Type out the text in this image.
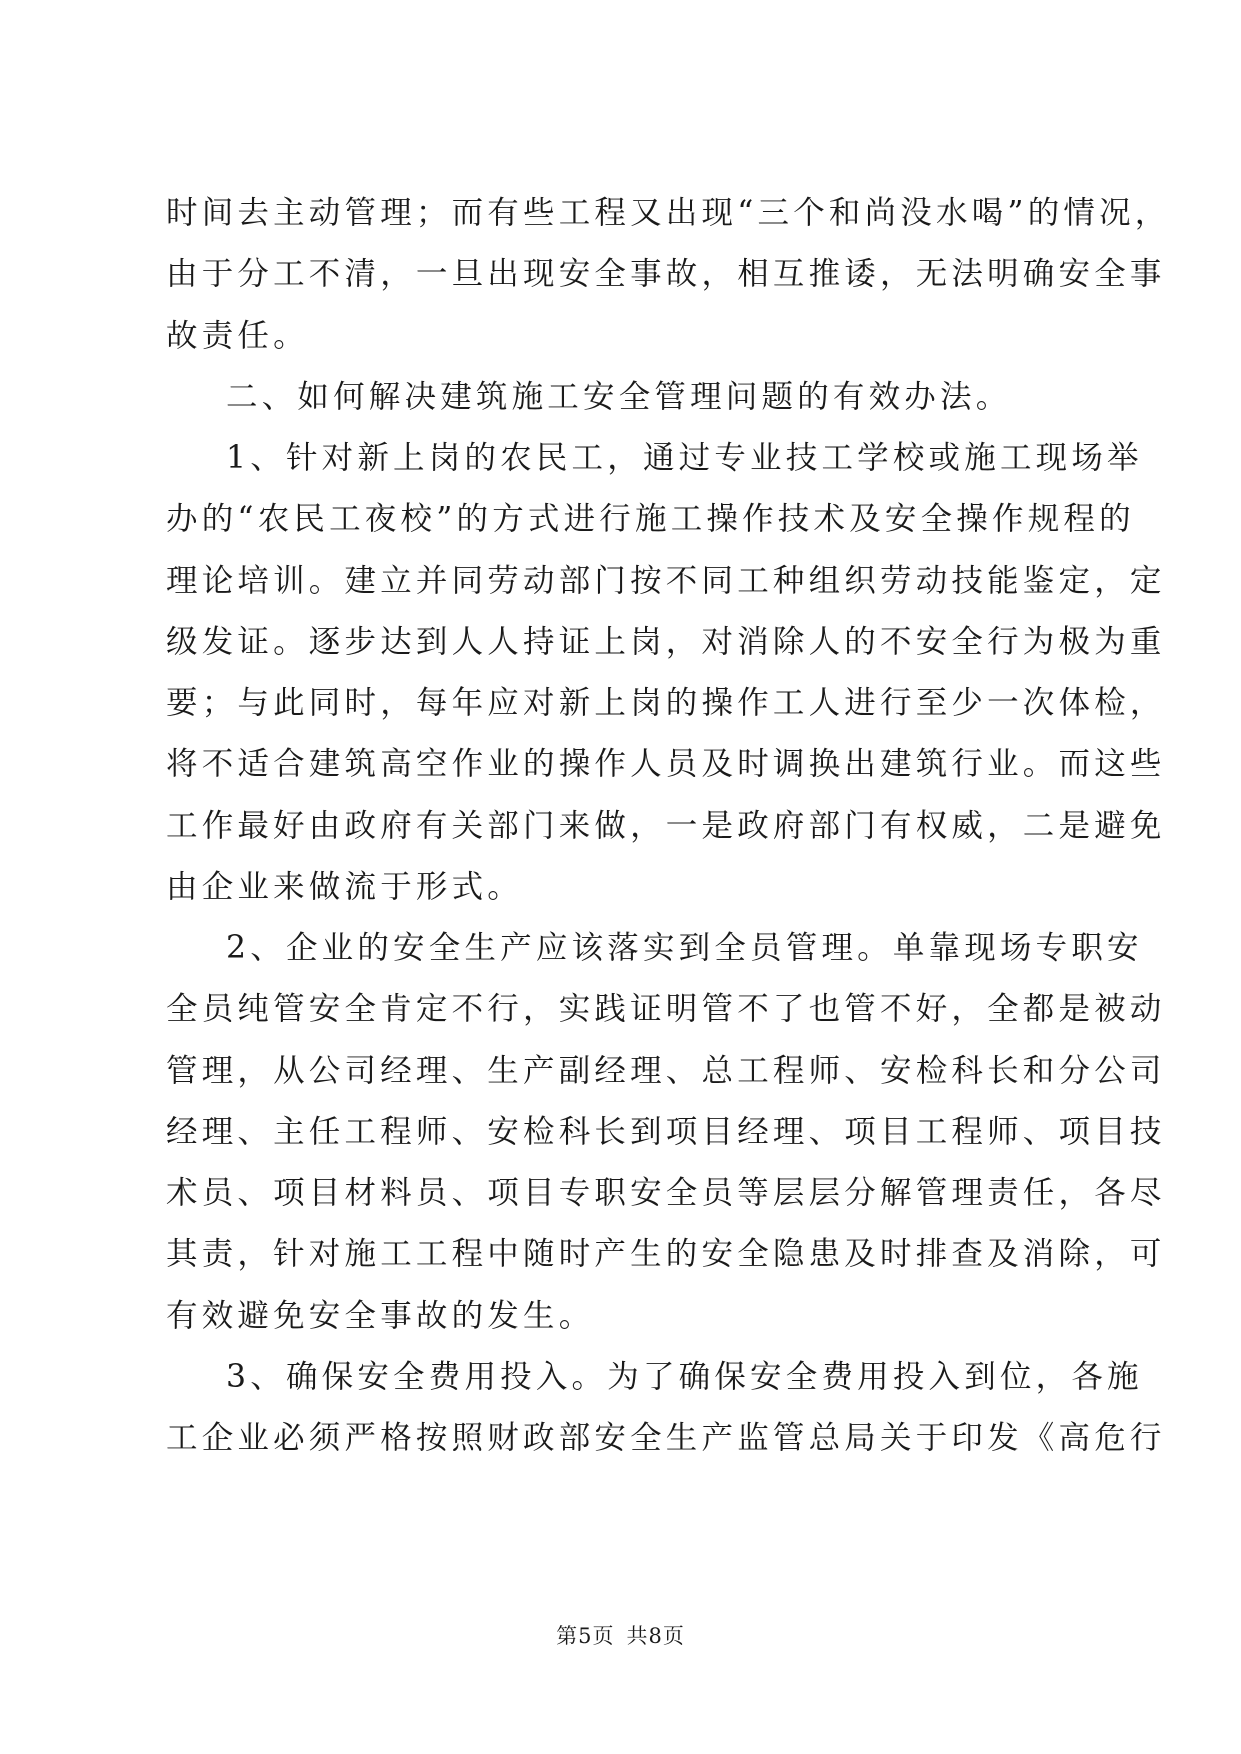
时间去主动管理；而有些工程又出现“三个和尚没水喝”的情况，
由于分工不清，一旦出现安全事故，相互推诿，无法明确安全事
故责任。
二、如何解决建筑施工安全管理问题的有效办法。
1、针对新上岗的农民工，通过专业技工学校或施工现场举
办的“农民工夜校”的方式进行施工操作技术及安全操作规程的
理论培训。建立并同劳动部门按不同工种组织劳动技能鉴定，定
级发证。逐步达到人人持证上岗，对消除人的不安全行为极为重
要；与此同时，每年应对新上岗的操作工人进行至少一次体检，
将不适合建筑高空作业的操作人员及时调换出建筑行业。而这些
工作最好由政府有关部门来做，一是政府部门有权威，二是避免
由企业来做流于形式。
2、企业的安全生产应该落实到全员管理。单靠现场专职安
全员纯管安全肯定不行，实践证明管不了也管不好，全都是被动
管理，从公司经理、生产副经理、总工程师、安检科长和分公司
经理、主任工程师、安检科长到项目经理、项目工程师、项目技
术员、项目材料员、项目专职安全员等层层分解管理责任，各尽
其责，针对施工工程中随时产生的安全隐患及时排查及消除，可
有效避免安全事故的发生。
3、确保安全费用投入。为了确保安全费用投入到位，各施
工企业必须严格按照财政部安全生产监管总局关于印发《高危行
第5页 共8页
